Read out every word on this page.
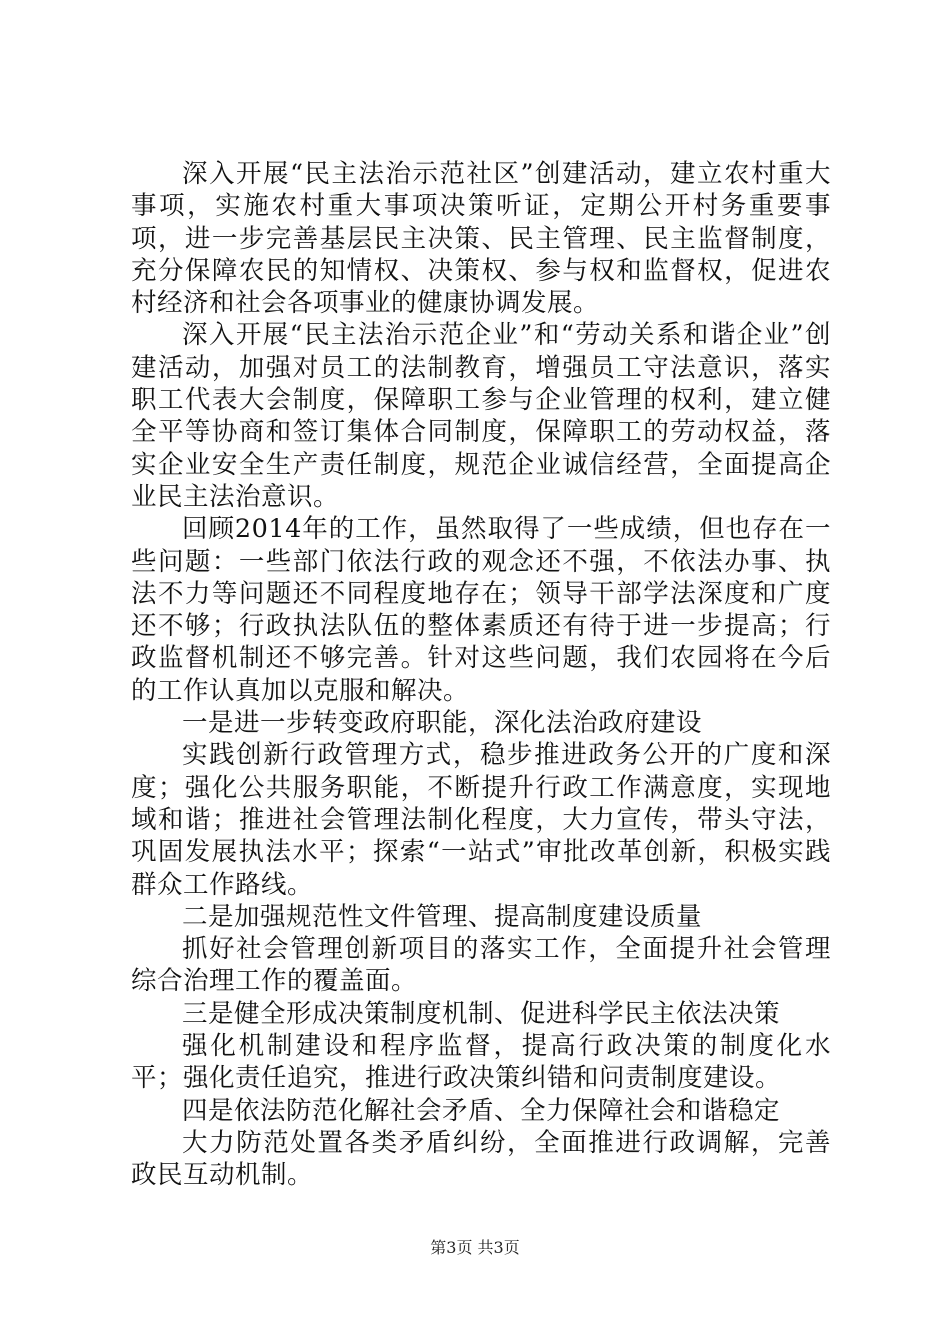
深入开展“民主法治示范社区”创建活动，建立农村重大事项，实施农村重大事项决策听证，定期公开村务重要事项，进一步完善基层民主决策、民主管理、民主监督制度，充分保障农民的知情权、决策权、参与权和监督权，促进农村经济和社会各项事业的健康协调发展。

深入开展“民主法治示范企业”和“劳动关系和谐企业”创建活动，加强对员工的法制教育，增强员工守法意识，落实职工代表大会制度，保障职工参与企业管理的权利，建立健全平等协商和签订集体合同制度，保障职工的劳动权益，落实企业安全生产责任制度，规范企业诚信经营，全面提高企业民主法治意识。

回顾2014年的工作，虽然取得了一些成绩，但也存在一些问题：一些部门依法行政的观念还不强，不依法办事、执法不力等问题还不同程度地存在；领导干部学法深度和广度还不够；行政执法队伍的整体素质还有待于进一步提高；行政监督机制还不够完善。针对这些问题，我们农园将在今后的工作认真加以克服和解决。

一是进一步转变政府职能，深化法治政府建设

实践创新行政管理方式，稳步推进政务公开的广度和深度；强化公共服务职能，不断提升行政工作满意度，实现地域和谐；推进社会管理法制化程度，大力宣传，带头守法，巩固发展执法水平；探索“一站式”审批改革创新，积极实践群众工作路线。

二是加强规范性文件管理、提高制度建设质量

抓好社会管理创新项目的落实工作，全面提升社会管理综合治理工作的覆盖面。

三是健全形成决策制度机制、促进科学民主依法决策

强化机制建设和程序监督，提高行政决策的制度化水平；强化责任追究，推进行政决策纠错和问责制度建设。

四是依法防范化解社会矛盾、全力保障社会和谐稳定

大力防范处置各类矛盾纠纷，全面推进行政调解，完善政民互动机制。

第3页 共3页
